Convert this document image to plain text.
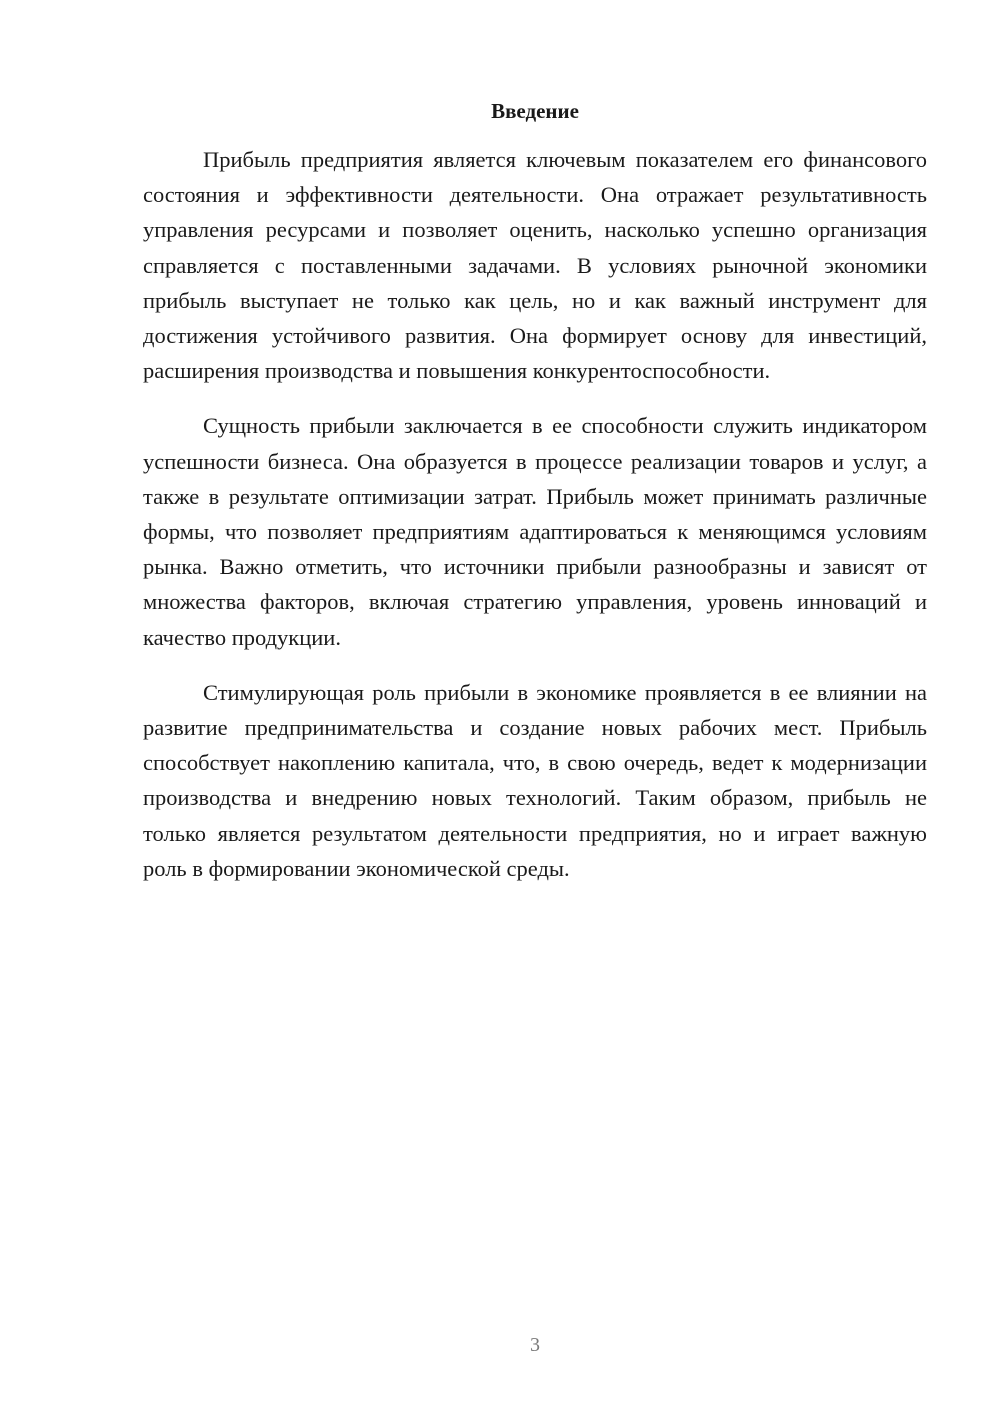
Введение

Прибыль предприятия является ключевым показателем его финансового состояния и эффективности деятельности. Она отражает результативность управления ресурсами и позволяет оценить, насколько успешно организация справляется с поставленными задачами. В условиях рыночной экономики прибыль выступает не только как цель, но и как важный инструмент для достижения устойчивого развития. Она формирует основу для инвестиций, расширения производства и повышения конкурентоспособности.

Сущность прибыли заключается в ее способности служить индикатором успешности бизнеса. Она образуется в процессе реализации товаров и услуг, а также в результате оптимизации затрат. Прибыль может принимать различные формы, что позволяет предприятиям адаптироваться к меняющимся условиям рынка. Важно отметить, что источники прибыли разнообразны и зависят от множества факторов, включая стратегию управления, уровень инноваций и качество продукции.

Стимулирующая роль прибыли в экономике проявляется в ее влиянии на развитие предпринимательства и создание новых рабочих мест. Прибыль способствует накоплению капитала, что, в свою очередь, ведет к модернизации производства и внедрению новых технологий. Таким образом, прибыль не только является результатом деятельности предприятия, но и играет важную роль в формировании экономической среды.

3
